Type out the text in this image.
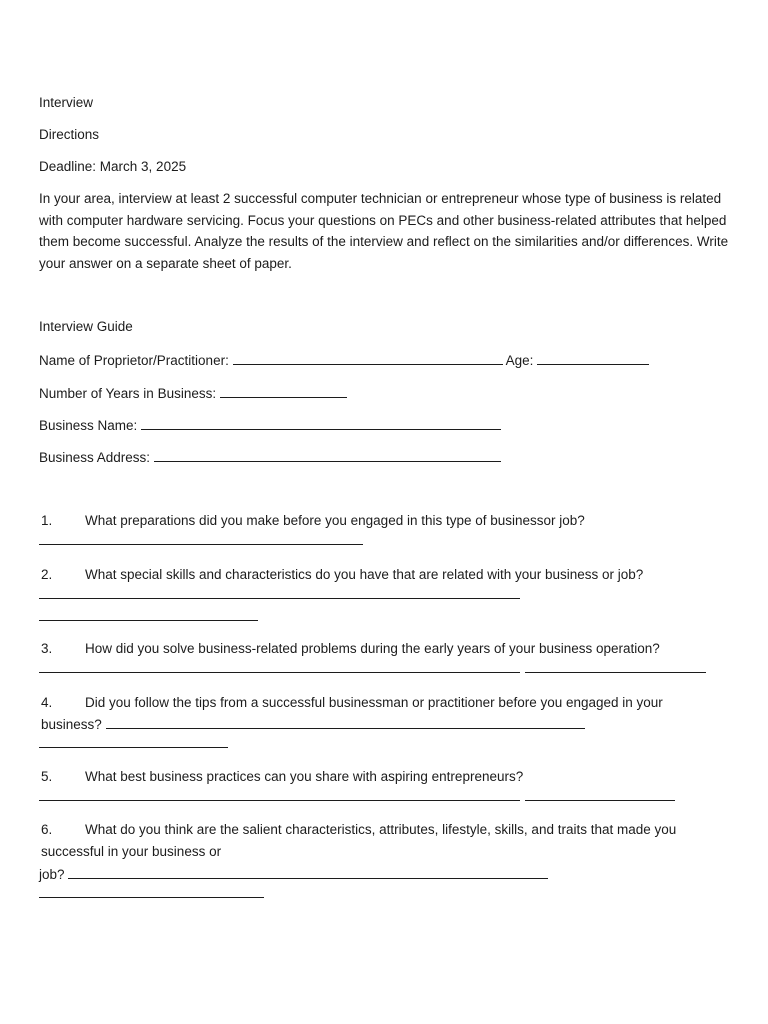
Interview
Directions
Deadline: March 3, 2025
In your area, interview at least 2 successful computer technician or entrepreneur whose type of business is related with computer hardware servicing. Focus your questions on PECs and other business-related attributes that helped them become successful. Analyze the results of the interview and reflect on the similarities and/or differences. Write your answer on a separate sheet of paper.
Interview Guide
Name of Proprietor/Practitioner:	Age:
Number of Years in Business:
Business Name:
Business Address:
1. What preparations did you make before you engaged in this type of businessor job?
2. What special skills and characteristics do you have that are related with your business or job?
3. How did you solve business-related problems during the early years of your business operation?

4. Did you follow the tips from a successful businessman or practitioner before you engaged in your
business?
5. What best business practices can you share with aspiring entrepreneurs?

6. What do you think are the salient characteristics, attributes, lifestyle, skills, and traits that made you
successful in your business or
job?
